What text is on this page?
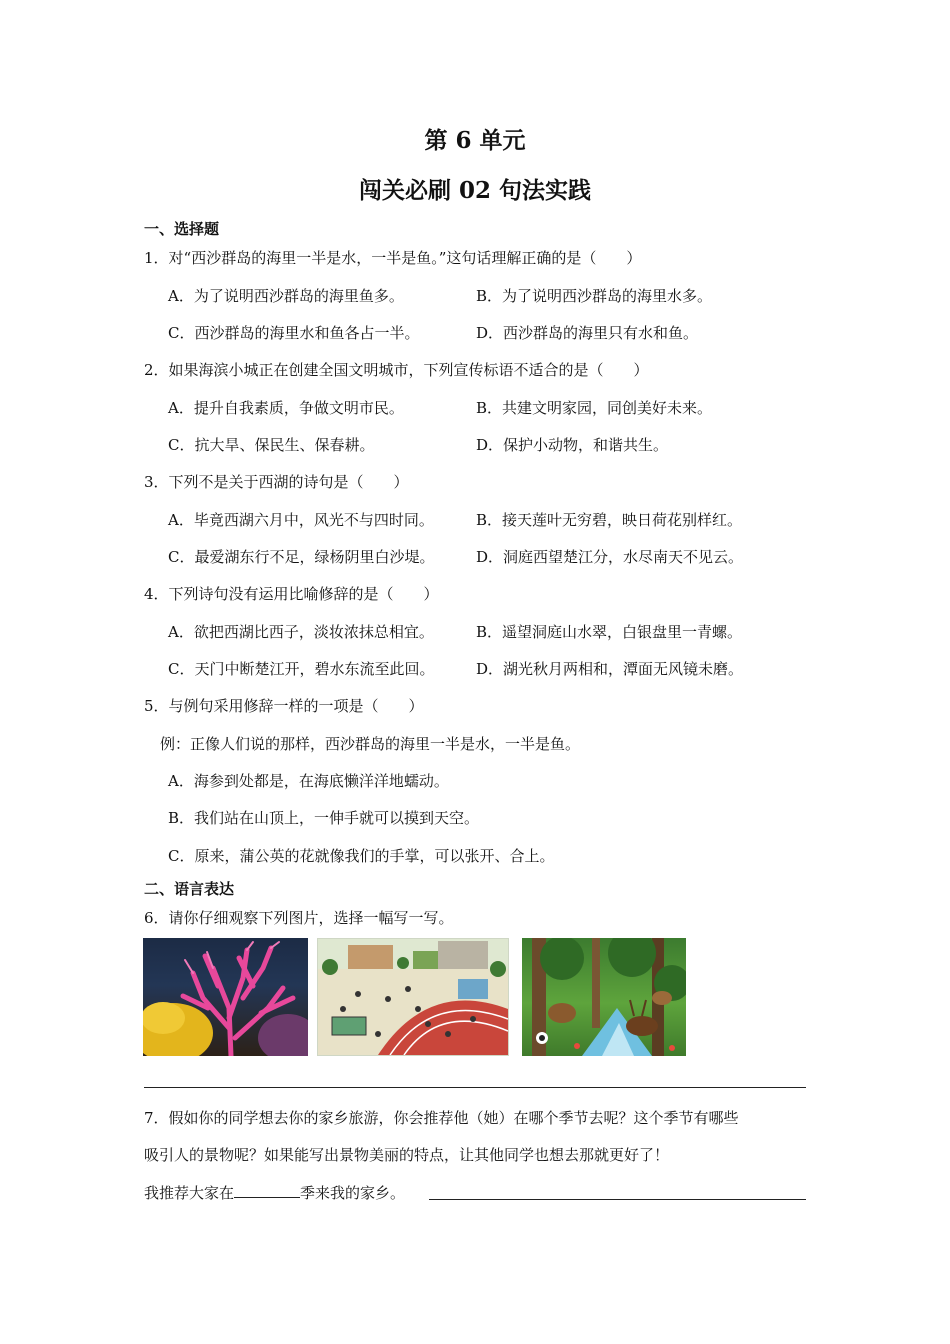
第 6 单元
闯关必刷 02 句法实践
一、选择题
1．对“西沙群岛的海里一半是水，一半是鱼。”这句话理解正确的是（　　）
A．为了说明西沙群岛的海里鱼多。	B．为了说明西沙群岛的海里水多。
C．西沙群岛的海里水和鱼各占一半。	D．西沙群岛的海里只有水和鱼。
2．如果海滨小城正在创建全国文明城市，下列宣传标语不适合的是（　　）
A．提升自我素质，争做文明市民。	B．共建文明家园，同创美好未来。
C．抗大旱、保民生、保春耕。	D．保护小动物，和谐共生。
3．下列不是关于西湖的诗句是（　　）
A．毕竟西湖六月中，风光不与四时同。	B．接天莲叶无穷碧，映日荷花别样红。
C．最爱湖东行不足，绿杨阴里白沙堤。	D．洞庭西望楚江分，水尽南天不见云。
4．下列诗句没有运用比喻修辞的是（　　）
A．欲把西湖比西子，淡妆浓抹总相宜。	B．遥望洞庭山水翠，白银盘里一青螺。
C．天门中断楚江开，碧水东流至此回。	D．湖光秋月两相和，潭面无风镜未磨。
5．与例句采用修辞一样的一项是（　　）
例：正像人们说的那样，西沙群岛的海里一半是水，一半是鱼。
A．海参到处都是，在海底懒洋洋地蠕动。
B．我们站在山顶上，一伸手就可以摸到天空。
C．原来，蒲公英的花就像我们的手掌，可以张开、合上。
二、语言表达
6．请你仔细观察下列图片，选择一幅写一写。
7．假如你的同学想去你的家乡旅游，你会推荐他（她）在哪个季节去呢？这个季节有哪些
吸引人的景物呢？如果能写出景物美丽的特点，让其他同学也想去那就更好了！
我推荐大家在	季来我的家乡。
